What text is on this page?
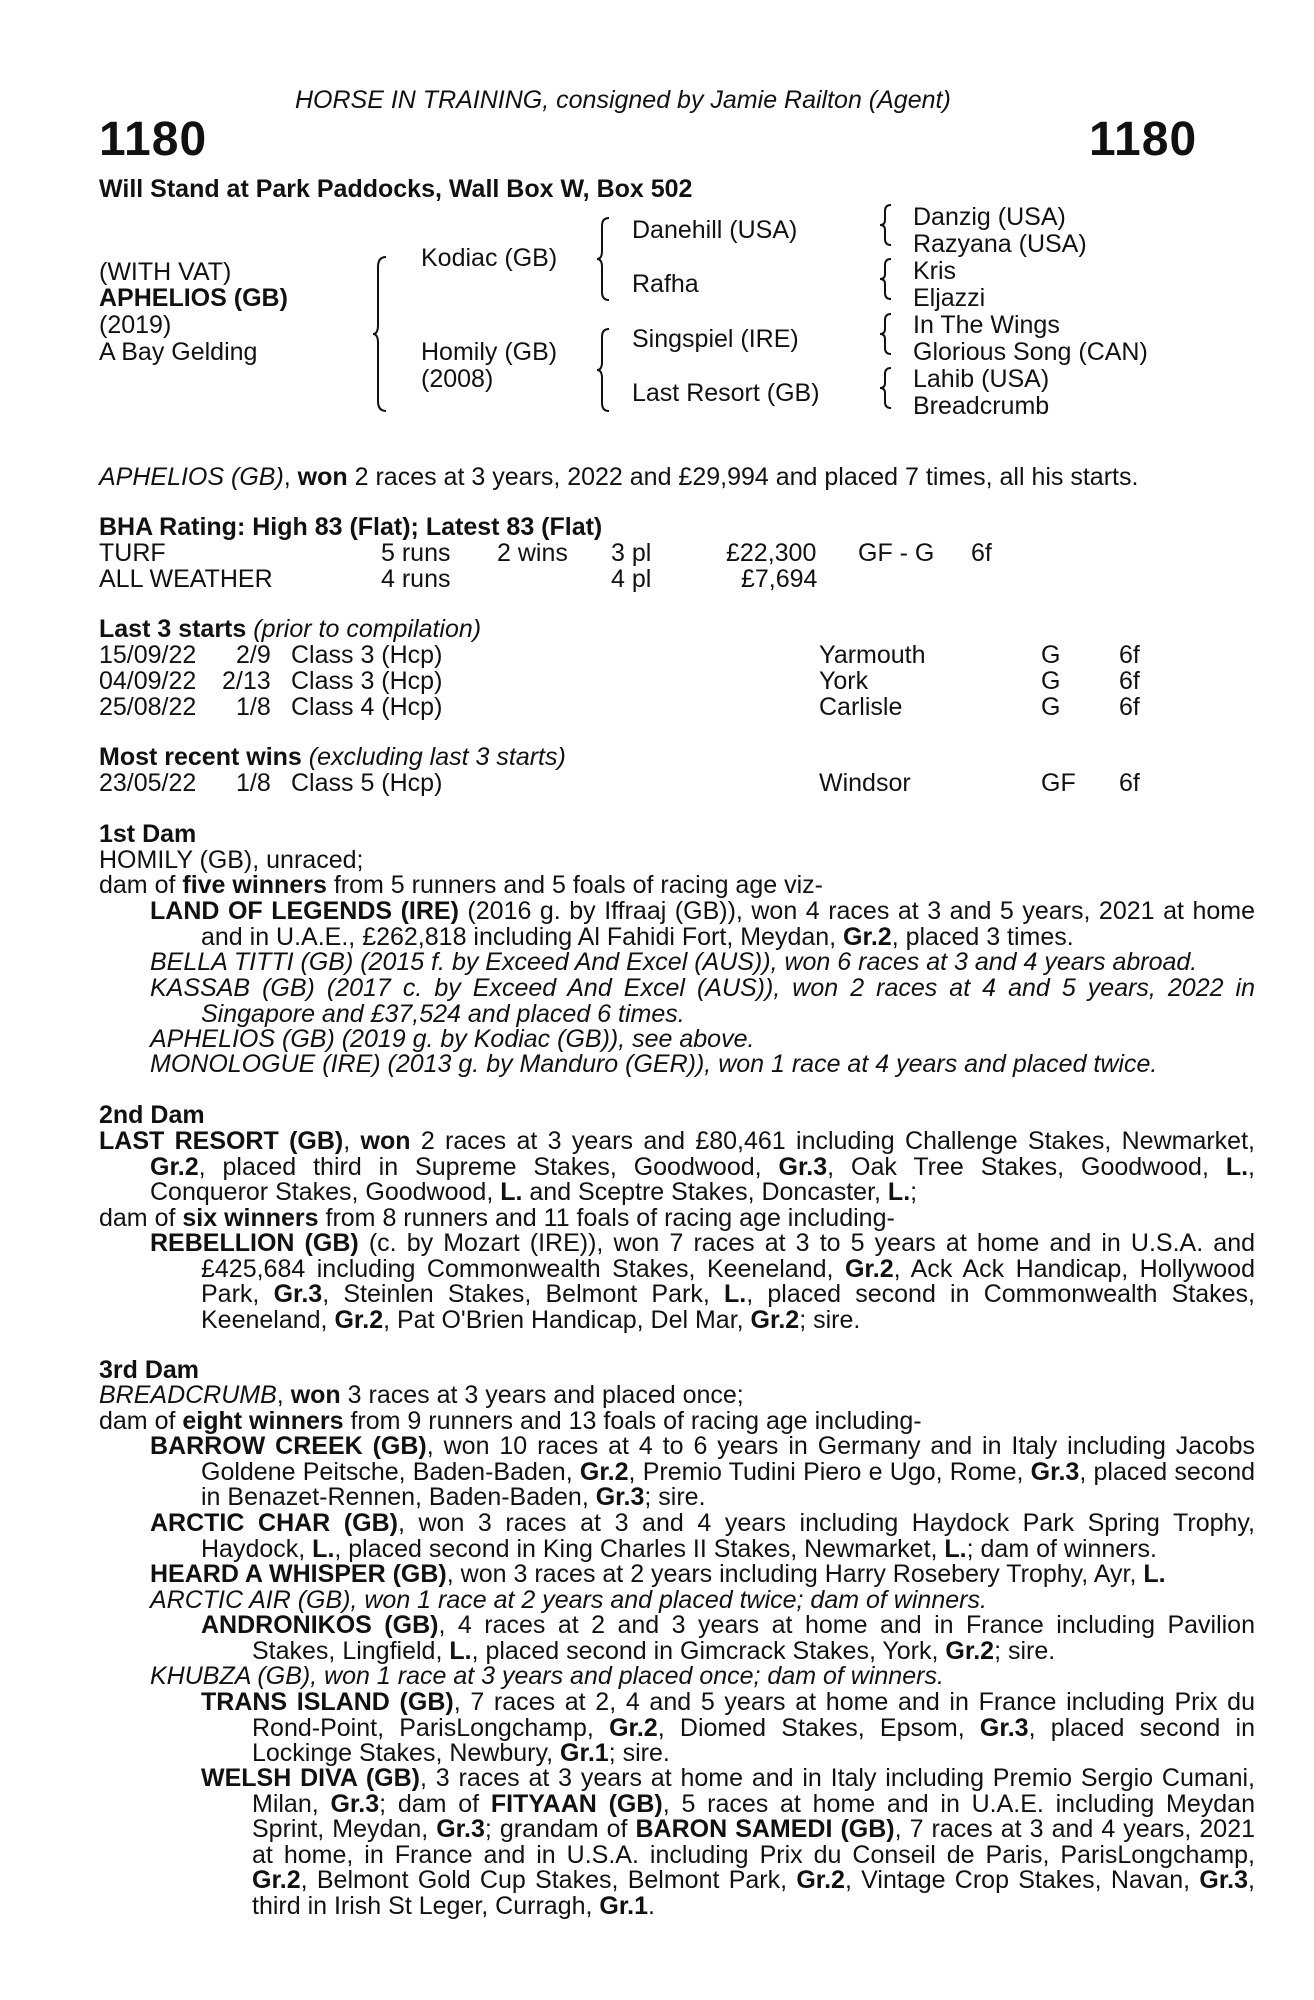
HORSE IN TRAINING, consigned by Jamie Railton (Agent)
1180	1180
Will Stand at Park Paddocks, Wall Box W, Box 502
(WITH VAT)
APHELIOS (GB)
(2019)
A Bay Gelding
Kodiac (GB)
Homily (GB)
(2008)
Danehill (USA)
Rafha
Singspiel (IRE)
Last Resort (GB)
Danzig (USA)
Razyana (USA)
Kris
Eljazzi
In The Wings
Glorious Song (CAN)
Lahib (USA)
Breadcrumb
APHELIOS (GB), won 2 races at 3 years, 2022 and £29,994 and placed 7 times, all his starts.
BHA Rating: High 83 (Flat); Latest 83 (Flat)
TURF	5 runs 2 wins 3 pl	£22,300 GF - G 6f
ALL WEATHER	4 runs	4 pl	£7,694
Last 3 starts (prior to compilation)
15/09/22 2/9 Class 3 (Hcp)	Yarmouth	G 6f
04/09/22 2/13 Class 3 (Hcp)	York	G 6f
25/08/22 1/8 Class 4 (Hcp)	Carlisle	G 6f
Most recent wins (excluding last 3 starts)
23/05/22 1/8 Class 5 (Hcp)	Windsor	GF 6f
1st Dam
HOMILY (GB), unraced;
dam of five winners from 5 runners and 5 foals of racing age viz-
LAND OF LEGENDS (IRE) (2016 g. by Iffraaj (GB)), won 4 races at 3 and 5 years, 2021 at home and in U.A.E., £262,818 including Al Fahidi Fort, Meydan, Gr.2, placed 3 times.
BELLA TITTI (GB) (2015 f. by Exceed And Excel (AUS)), won 6 races at 3 and 4 years abroad.
KASSAB (GB) (2017 c. by Exceed And Excel (AUS)), won 2 races at 4 and 5 years, 2022 in Singapore and £37,524 and placed 6 times.
APHELIOS (GB) (2019 g. by Kodiac (GB)), see above.
MONOLOGUE (IRE) (2013 g. by Manduro (GER)), won 1 race at 4 years and placed twice.
2nd Dam
LAST RESORT (GB), won 2 races at 3 years and £80,461 including Challenge Stakes, Newmarket, Gr.2, placed third in Supreme Stakes, Goodwood, Gr.3, Oak Tree Stakes, Goodwood, L., Conqueror Stakes, Goodwood, L. and Sceptre Stakes, Doncaster, L.;
dam of six winners from 8 runners and 11 foals of racing age including-
REBELLION (GB) (c. by Mozart (IRE)), won 7 races at 3 to 5 years at home and in U.S.A. and £425,684 including Commonwealth Stakes, Keeneland, Gr.2, Ack Ack Handicap, Hollywood Park, Gr.3, Steinlen Stakes, Belmont Park, L., placed second in Commonwealth Stakes, Keeneland, Gr.2, Pat O'Brien Handicap, Del Mar, Gr.2; sire.
3rd Dam
BREADCRUMB, won 3 races at 3 years and placed once;
dam of eight winners from 9 runners and 13 foals of racing age including-
BARROW CREEK (GB), won 10 races at 4 to 6 years in Germany and in Italy including Jacobs Goldene Peitsche, Baden-Baden, Gr.2, Premio Tudini Piero e Ugo, Rome, Gr.3, placed second in Benazet-Rennen, Baden-Baden, Gr.3; sire.
ARCTIC CHAR (GB), won 3 races at 3 and 4 years including Haydock Park Spring Trophy, Haydock, L., placed second in King Charles II Stakes, Newmarket, L.; dam of winners.
HEARD A WHISPER (GB), won 3 races at 2 years including Harry Rosebery Trophy, Ayr, L.
ARCTIC AIR (GB), won 1 race at 2 years and placed twice; dam of winners.
ANDRONIKOS (GB), 4 races at 2 and 3 years at home and in France including Pavilion Stakes, Lingfield, L., placed second in Gimcrack Stakes, York, Gr.2; sire.
KHUBZA (GB), won 1 race at 3 years and placed once; dam of winners.
TRANS ISLAND (GB), 7 races at 2, 4 and 5 years at home and in France including Prix du Rond-Point, ParisLongchamp, Gr.2, Diomed Stakes, Epsom, Gr.3, placed second in Lockinge Stakes, Newbury, Gr.1; sire.
WELSH DIVA (GB), 3 races at 3 years at home and in Italy including Premio Sergio Cumani, Milan, Gr.3; dam of FITYAAN (GB), 5 races at home and in U.A.E. including Meydan Sprint, Meydan, Gr.3; grandam of BARON SAMEDI (GB), 7 races at 3 and 4 years, 2021 at home, in France and in U.S.A. including Prix du Conseil de Paris, ParisLongchamp, Gr.2, Belmont Gold Cup Stakes, Belmont Park, Gr.2, Vintage Crop Stakes, Navan, Gr.3, third in Irish St Leger, Curragh, Gr.1.
